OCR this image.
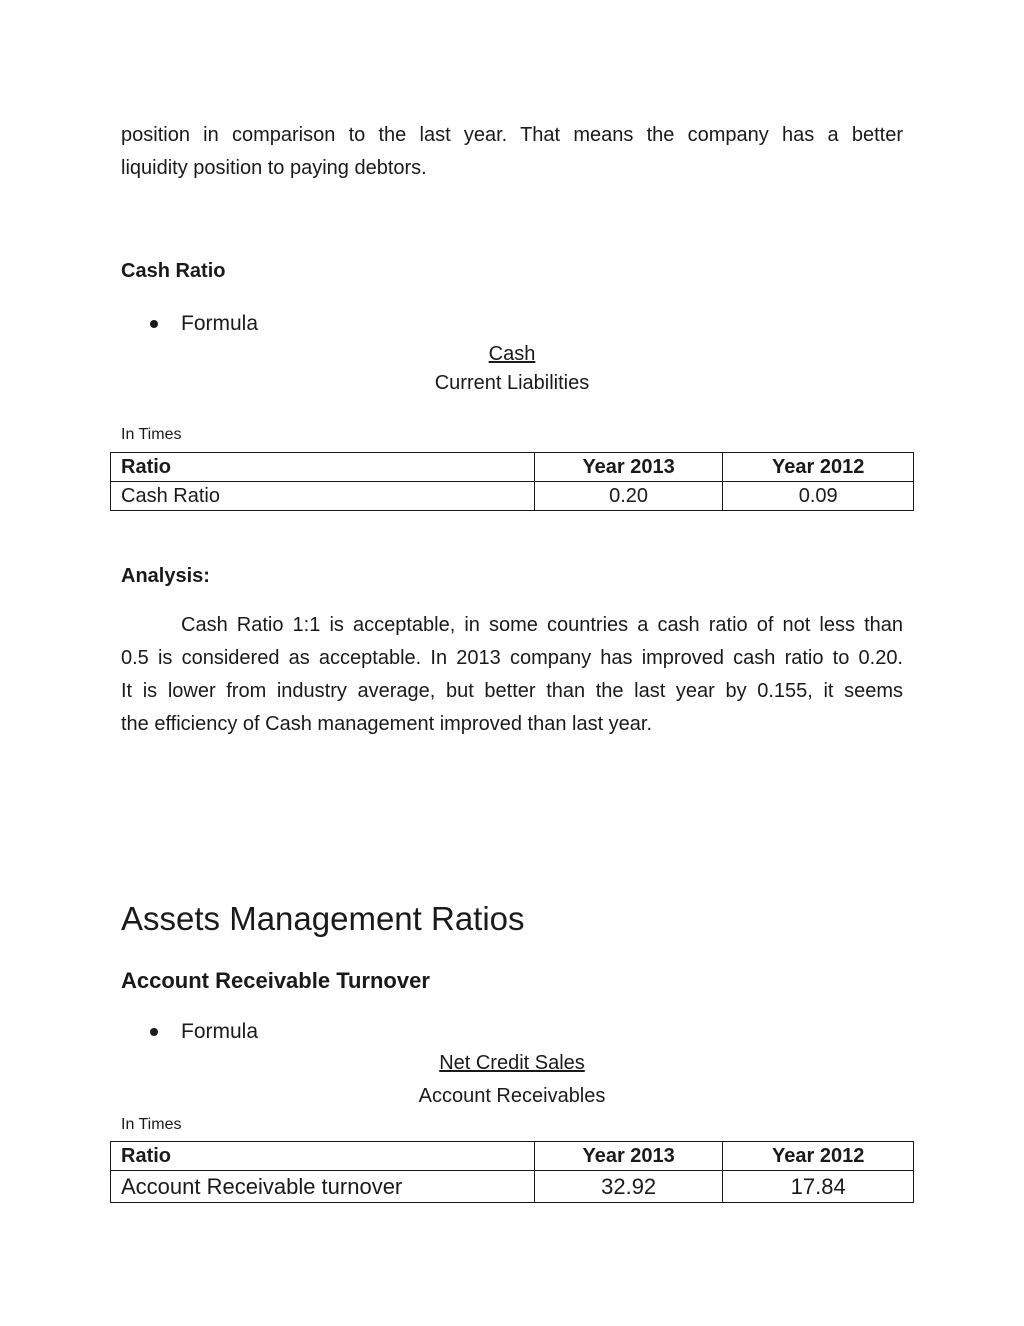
position in comparison to the last year. That means the company has a better
liquidity position to paying debtors.
Cash Ratio
Formula
Cash
Current Liabilities
In Times
Ratio	Year 2013	Year 2012
Cash Ratio	0.20	0.09
Analysis:
Cash Ratio 1:1 is acceptable, in some countries a cash ratio of not less than
0.5 is considered as acceptable. In 2013 company has improved cash ratio to 0.20.
It is lower from industry average, but better than the last year by 0.155, it seems
the efficiency of Cash management improved than last year.
Assets Management Ratios
Account Receivable Turnover
Formula
Net Credit Sales
Account Receivables
In Times
Ratio	Year 2013	Year 2012
Account Receivable turnover	32.92	17.84
